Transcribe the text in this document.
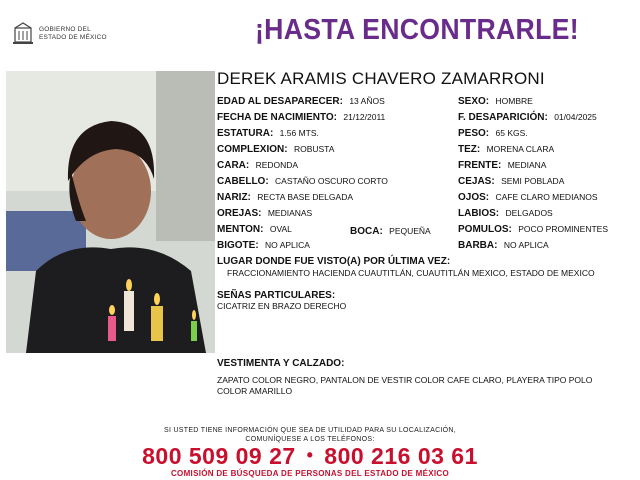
GOBIERNO DEL
ESTADO DE MÉXICO	¡HASTA ENCONTRARLE!
DEREK ARAMIS CHAVERO ZAMARRONI
EDAD AL DESAPARECER: 13 AÑOS
FECHA DE NACIMIENTO: 21/12/2011
ESTATURA: 1.56 MTS.
COMPLEXION: ROBUSTA
CARA: REDONDA
CABELLO: CASTAÑO OSCURO CORTO
NARIZ: RECTA BASE DELGADA
OREJAS: MEDIANAS
MENTON: OVAL
BIGOTE: NO APLICA
BOCA: PEQUEÑA
SEXO: HOMBRE
F. DESAPARICIÓN: 01/04/2025
PESO: 65 KGS.
TEZ: MORENA CLARA
FRENTE: MEDIANA
CEJAS: SEMI POBLADA
OJOS: CAFE CLARO MEDIANOS
LABIOS: DELGADOS
POMULOS: POCO PROMINENTES
BARBA: NO APLICA
LUGAR DONDE FUE VISTO(A) POR ÚLTIMA VEZ:
FRACCIONAMIENTO HACIENDA CUAUTITLÁN, CUAUTITLÁN MEXICO, ESTADO DE MEXICO
SEÑAS PARTICULARES:
CICATRIZ EN BRAZO DERECHO
VESTIMENTA Y CALZADO:
ZAPATO COLOR NEGRO, PANTALON DE VESTIR COLOR CAFE CLARO, PLAYERA TIPO POLO COLOR AMARILLO
SI USTED TIENE INFORMACIÓN QUE SEA DE UTILIDAD PARA SU LOCALIZACIÓN,
COMUNÍQUESE A LOS TELÉFONOS:
800 509 09 27 • 800 216 03 61
COMISIÓN DE BÚSQUEDA DE PERSONAS DEL ESTADO DE MÉXICO
